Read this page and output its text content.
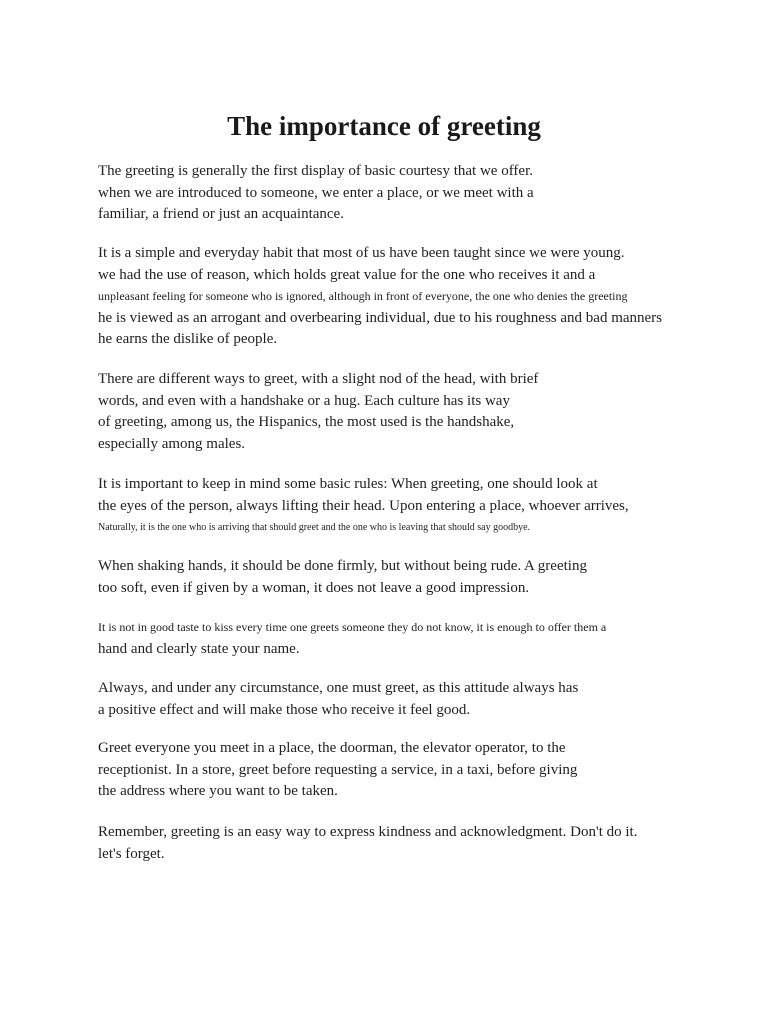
The importance of greeting
The greeting is generally the first display of basic courtesy that we offer.
when we are introduced to someone, we enter a place, or we meet with a
familiar, a friend or just an acquaintance.
It is a simple and everyday habit that most of us have been taught since we were young.
we had the use of reason, which holds great value for the one who receives it and a
unpleasant feeling for someone who is ignored, although in front of everyone, the one who denies the greeting
he is viewed as an arrogant and overbearing individual, due to his roughness and bad manners
he earns the dislike of people.
There are different ways to greet, with a slight nod of the head, with brief
words, and even with a handshake or a hug. Each culture has its way
of greeting, among us, the Hispanics, the most used is the handshake,
especially among males.
It is important to keep in mind some basic rules: When greeting, one should look at
the eyes of the person, always lifting their head. Upon entering a place, whoever arrives,
Naturally, it is the one who is arriving that should greet and the one who is leaving that should say goodbye.
When shaking hands, it should be done firmly, but without being rude. A greeting
too soft, even if given by a woman, it does not leave a good impression.
It is not in good taste to kiss every time one greets someone they do not know, it is enough to offer them a
hand and clearly state your name.
Always, and under any circumstance, one must greet, as this attitude always has
a positive effect and will make those who receive it feel good.
Greet everyone you meet in a place, the doorman, the elevator operator, to the
receptionist. In a store, greet before requesting a service, in a taxi, before giving
the address where you want to be taken.
Remember, greeting is an easy way to express kindness and acknowledgment. Don't do it.
let's forget.
